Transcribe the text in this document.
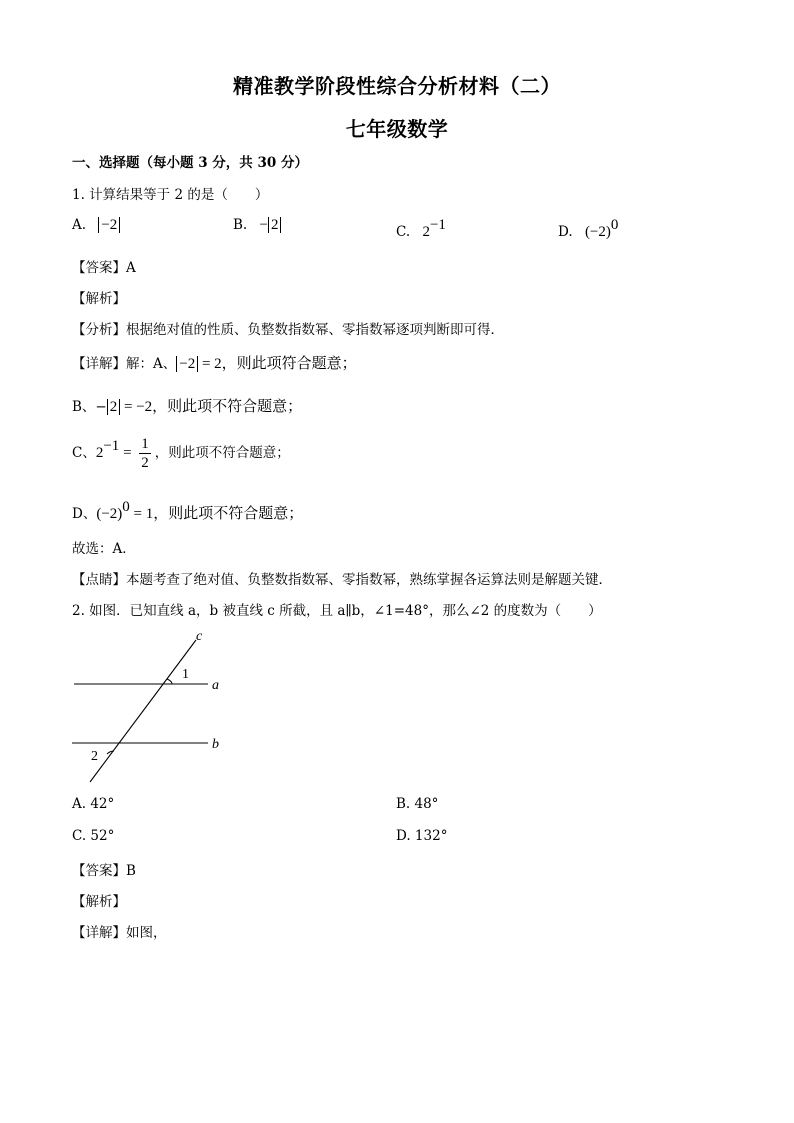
精准教学阶段性综合分析材料（二）
七年级数学
一、选择题（每小题 3 分，共 30 分）
1. 计算结果等于 2 的是（　　）
A. −2	B. − 2	C. $2^{-1}$	D. $(-2)^0$
【答案】A
【解析】
【分析】根据绝对值的性质、负整数指数幂、零指数幂逐项判断即可得．
【详解】解：A、 −2 = 2，则此项符合题意；
B、− 2 = −2，则此项不符合题意；
C、$2^{-1} = \frac{1}{2}$ ，则此项不符合题意；
D、$(-2)^0 = 1$，则此项不符合题意；
故选：A．
【点睛】本题考查了绝对值、负整数指数幂、零指数幂，熟练掌握各运算法则是解题关键．
2. 如图．已知直线 a，b 被直线 c 所截，且 a∥b，∠1=48°，那么∠2 的度数为（　　）
c
a
b
1
2
A. 42°	B. 48°
C. 52°	D. 132°
【答案】B
【解析】
【详解】如图，
